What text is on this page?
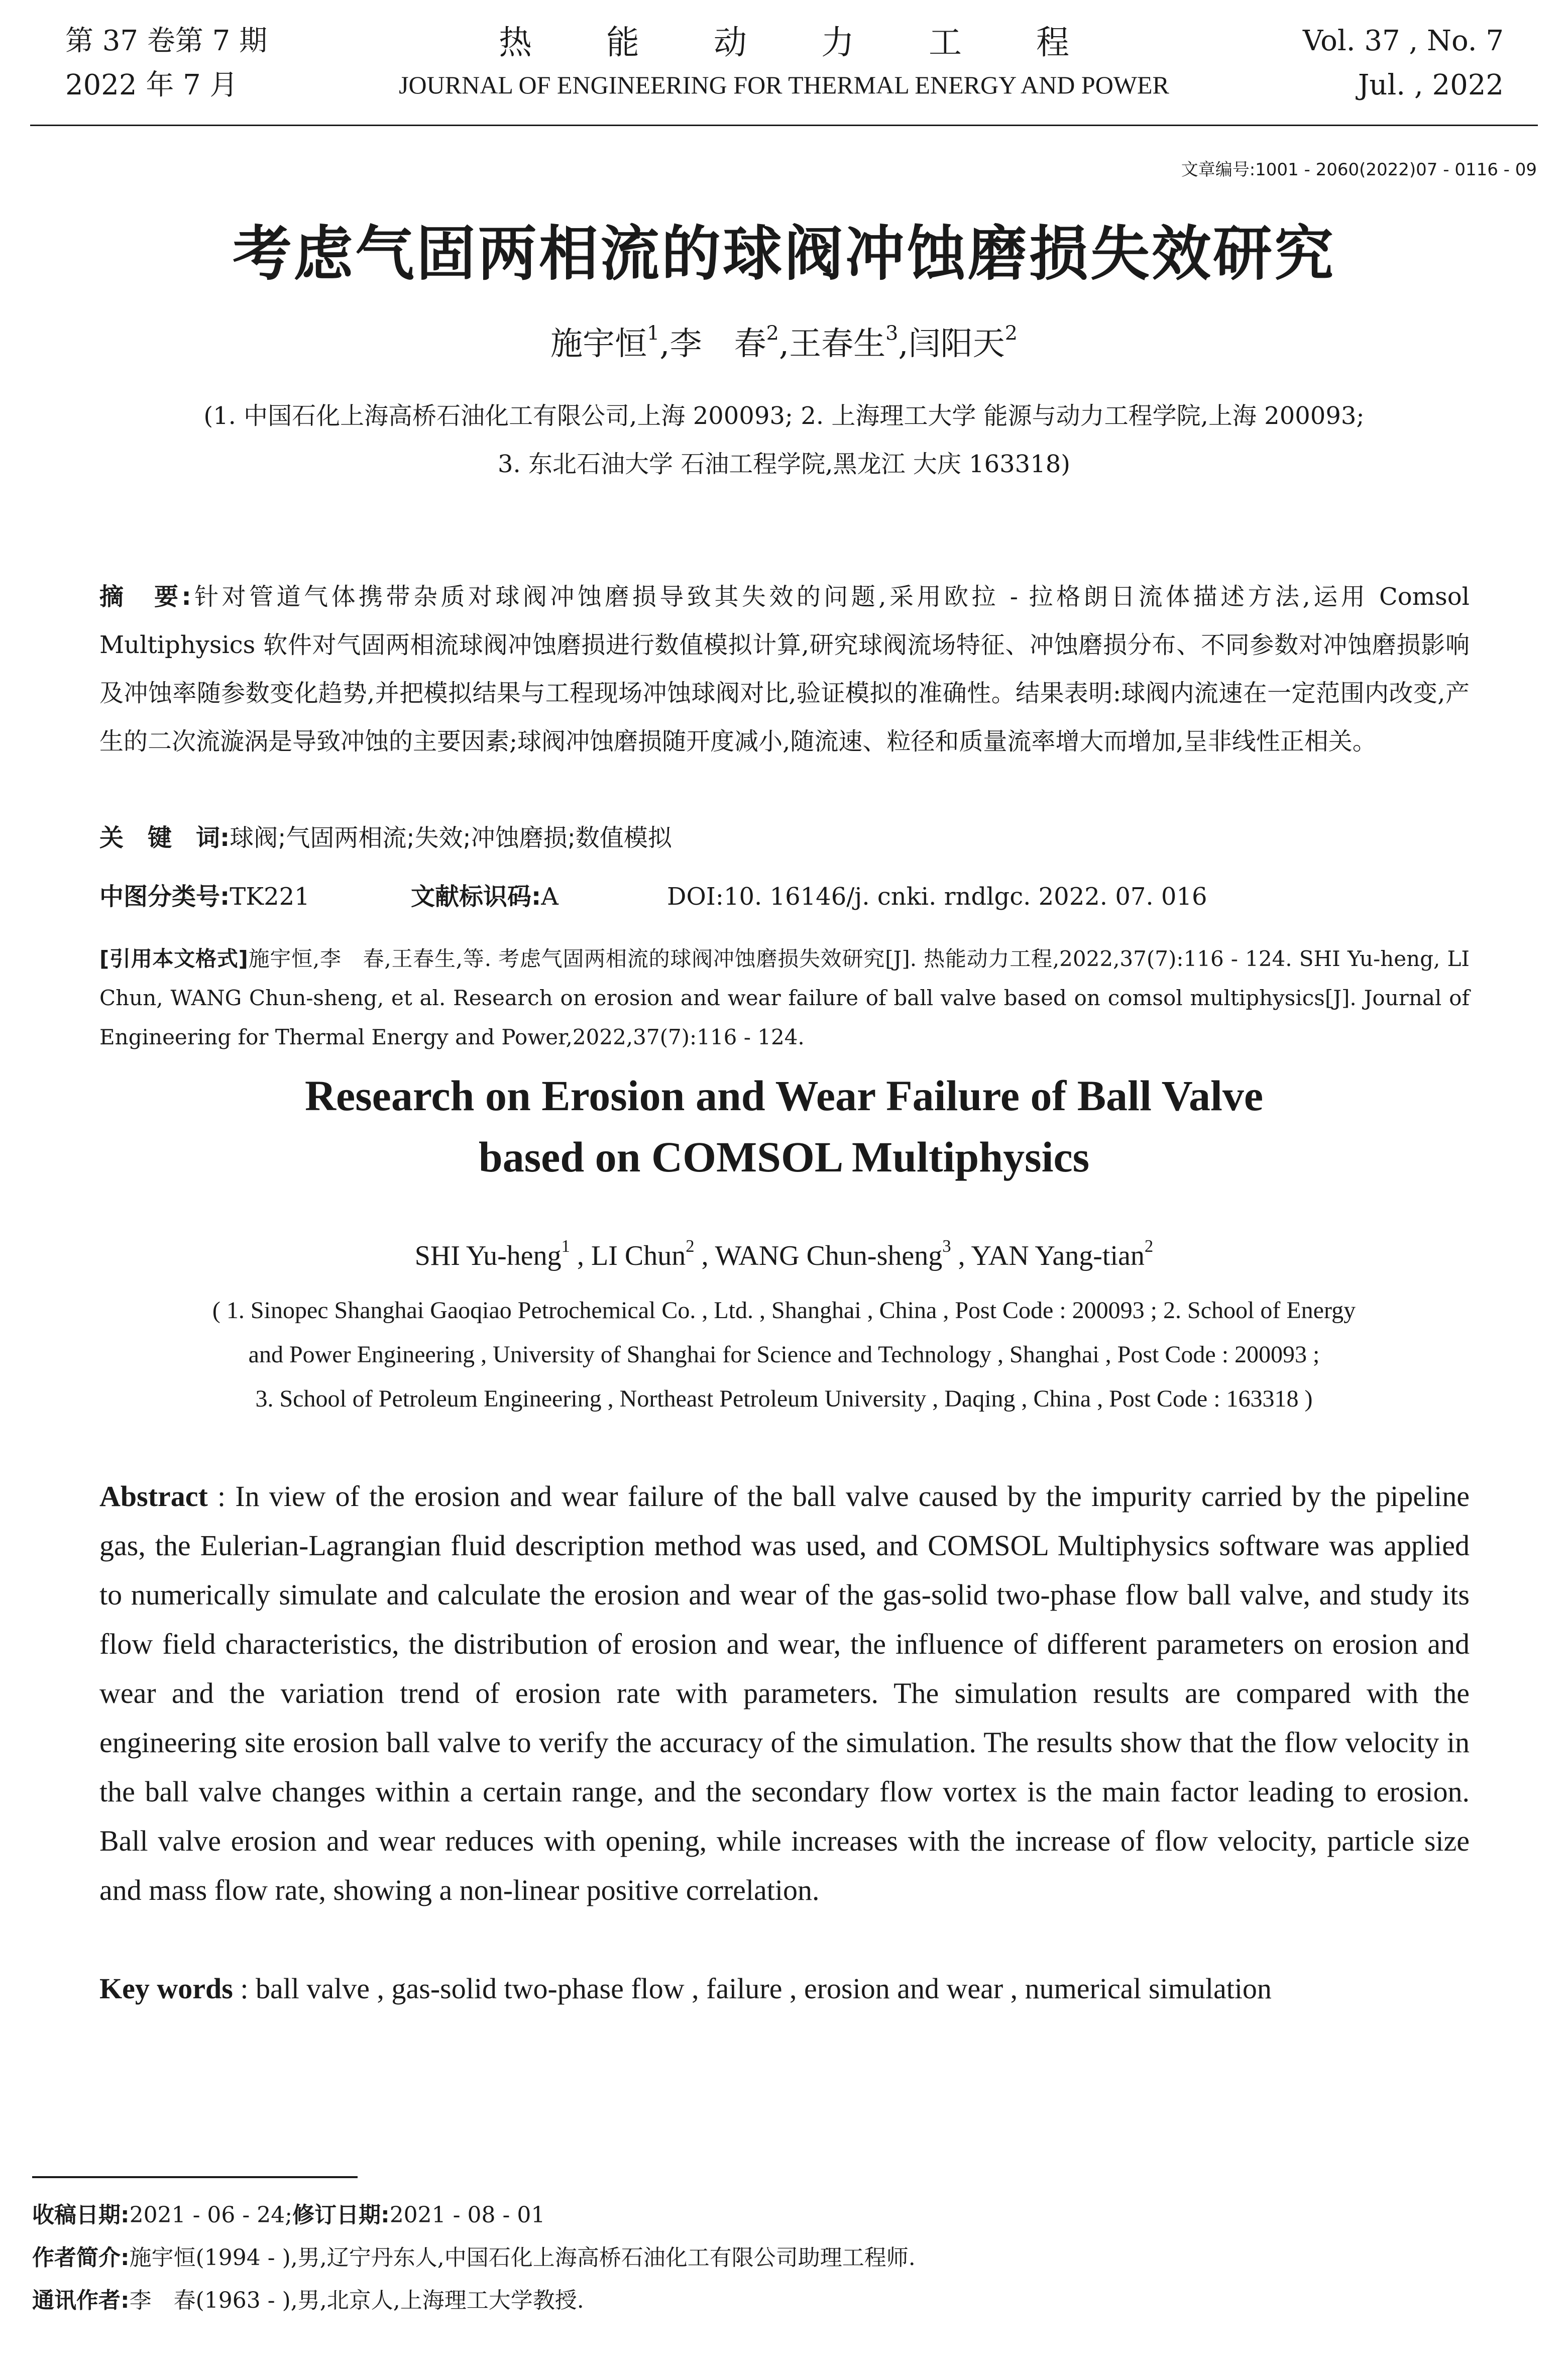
第 37 卷第 7 期
2022 年 7 月
热能动力工程
JOURNAL OF ENGINEERING FOR THERMAL ENERGY AND POWER
Vol. 37 , No. 7
Jul. , 2022
文章编号:1001 - 2060(2022)07 - 0116 - 09
考虑气固两相流的球阀冲蚀磨损失效研究
施宇恒$^1$,李　春$^2$,王春生$^3$,闫阳天$^2$
(1. 中国石化上海高桥石油化工有限公司,上海 200093; 2. 上海理工大学 能源与动力工程学院,上海 200093;
3. 东北石油大学 石油工程学院,黑龙江 大庆 163318)
摘　要:针对管道气体携带杂质对球阀冲蚀磨损导致其失效的问题,采用欧拉 - 拉格朗日流体描述方法,运用 Comsol Multiphysics 软件对气固两相流球阀冲蚀磨损进行数值模拟计算,研究球阀流场特征、冲蚀磨损分布、不同参数对冲蚀磨损影响及冲蚀率随参数变化趋势,并把模拟结果与工程现场冲蚀球阀对比,验证模拟的准确性。结果表明:球阀内流速在一定范围内改变,产生的二次流漩涡是导致冲蚀的主要因素;球阀冲蚀磨损随开度减小,随流速、粒径和质量流率增大而增加,呈非线性正相关。
关　键　词:球阀;气固两相流;失效;冲蚀磨损;数值模拟
中图分类号:TK221	文献标识码:A	DOI:10. 16146/j. cnki. rndlgc. 2022. 07. 016
[引用本文格式]施宇恒,李　春,王春生,等. 考虑气固两相流的球阀冲蚀磨损失效研究[J]. 热能动力工程,2022,37(7):116 - 124. SHI Yu-heng, LI Chun, WANG Chun-sheng, et al. Research on erosion and wear failure of ball valve based on comsol multiphysics[J]. Journal of Engineering for Thermal Energy and Power,2022,37(7):116 - 124.
Research on Erosion and Wear Failure of Ball Valve
based on COMSOL Multiphysics
SHI Yu-heng$^1$ , LI Chun$^2$ , WANG Chun-sheng$^3$ , YAN Yang-tian$^2$
( 1. Sinopec Shanghai Gaoqiao Petrochemical Co. , Ltd. , Shanghai , China , Post Code : 200093 ; 2. School of Energy
and Power Engineering , University of Shanghai for Science and Technology , Shanghai , Post Code : 200093 ;
3. School of Petroleum Engineering , Northeast Petroleum University , Daqing , China , Post Code : 163318 )
Abstract : In view of the erosion and wear failure of the ball valve caused by the impurity carried by the pipeline gas, the Eulerian-Lagrangian fluid description method was used, and COMSOL Multiphysics software was applied to numerically simulate and calculate the erosion and wear of the gas-solid two-phase flow ball valve, and study its flow field characteristics, the distribution of erosion and wear, the influence of different parameters on erosion and wear and the variation trend of erosion rate with parameters. The simulation results are compared with the engineering site erosion ball valve to verify the accuracy of the simulation. The results show that the flow velocity in the ball valve changes within a certain range, and the secondary flow vortex is the main factor leading to erosion. Ball valve erosion and wear reduces with opening, while increases with the increase of flow velocity, particle size and mass flow rate, showing a non-linear positive correlation.
Key words : ball valve , gas-solid two-phase flow , failure , erosion and wear , numerical simulation
收稿日期:2021 - 06 - 24;修订日期:2021 - 08 - 01
作者简介:施宇恒(1994 - ),男,辽宁丹东人,中国石化上海高桥石油化工有限公司助理工程师.
通讯作者:李　春(1963 - ),男,北京人,上海理工大学教授.
